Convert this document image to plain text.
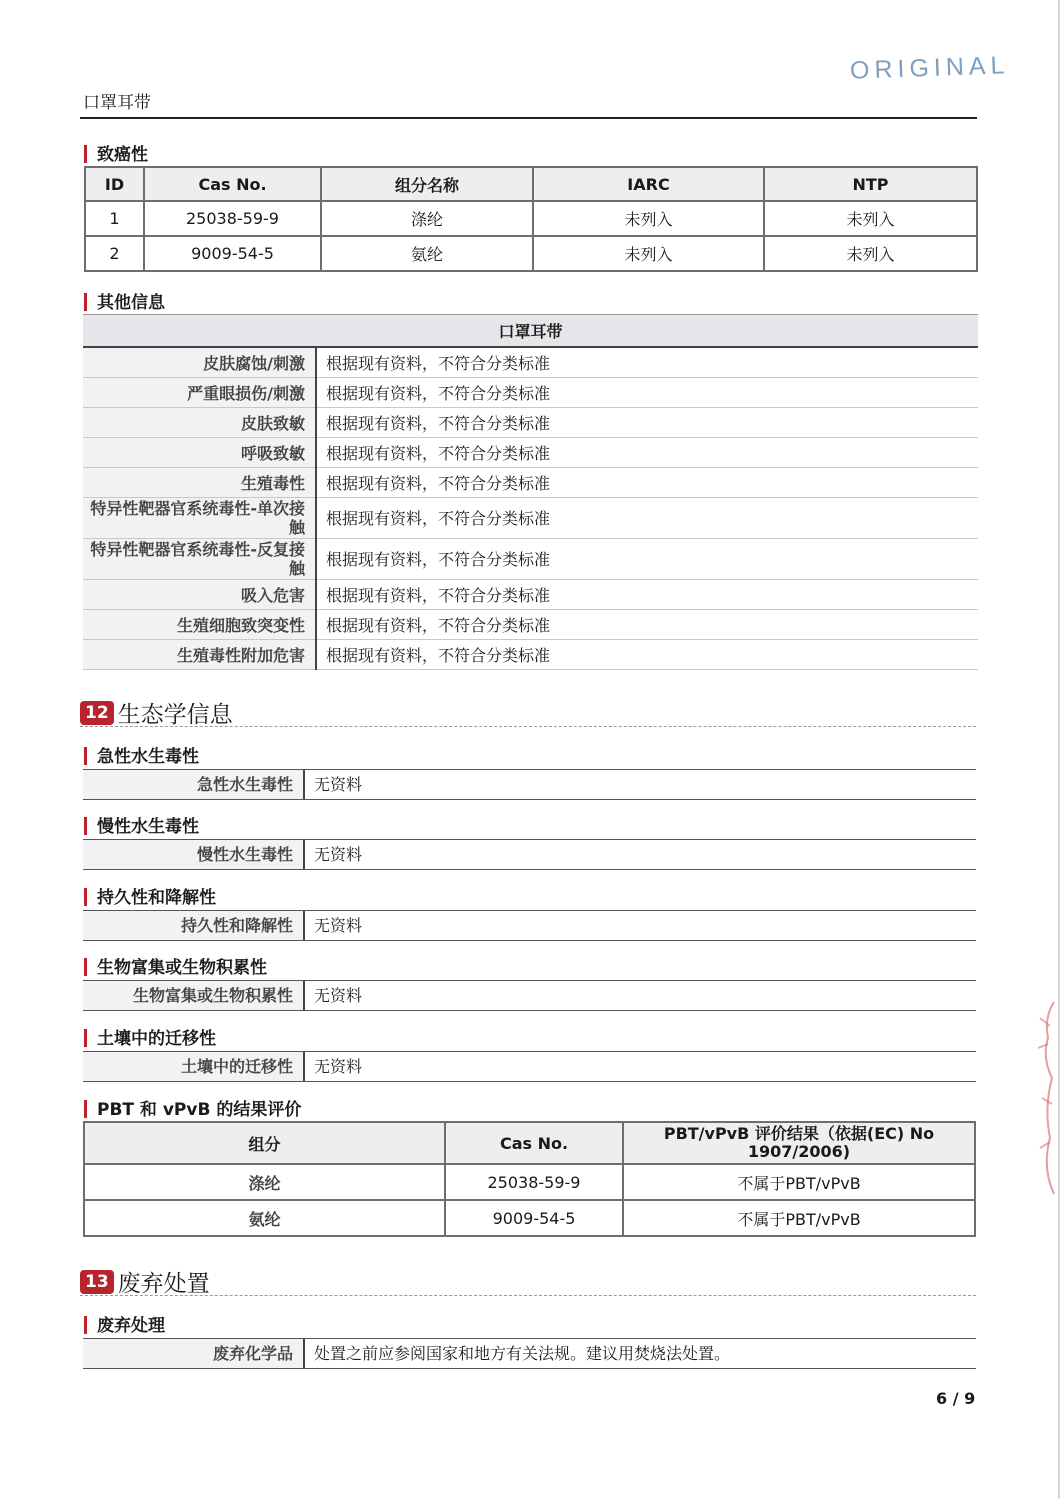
ORIGINAL
口罩耳带
致癌性
ID	Cas No.	组分名称	IARC	NTP
1	25038-59-9	涤纶	未列入	未列入
2	9009-54-5	氨纶	未列入	未列入
其他信息
口罩耳带	
皮肤腐蚀/刺激	根据现有资料，不符合分类标准
严重眼损伤/刺激	根据现有资料，不符合分类标准
皮肤致敏	根据现有资料，不符合分类标准
呼吸致敏	根据现有资料，不符合分类标准
生殖毒性	根据现有资料，不符合分类标准
特异性靶器官系统毒性-单次接触	根据现有资料，不符合分类标准
特异性靶器官系统毒性-反复接触	根据现有资料，不符合分类标准
吸入危害	根据现有资料，不符合分类标准
生殖细胞致突变性	根据现有资料，不符合分类标准
生殖毒性附加危害	根据现有资料，不符合分类标准
12 生态学信息
急性水生毒性
急性水生毒性	无资料
慢性水生毒性
慢性水生毒性	无资料
持久性和降解性
持久性和降解性	无资料
生物富集或生物积累性
生物富集或生物积累性	无资料
土壤中的迁移性
土壤中的迁移性	无资料
PBT 和 vPvB 的结果评价
组分	Cas No.	PBT/vPvB 评价结果（依据(EC) No 1907/2006)
涤纶	25038-59-9	不属于PBT/vPvB
氨纶	9009-54-5	不属于PBT/vPvB
13 废弃处置
废弃处理
废弃化学品	处置之前应参阅国家和地方有关法规。建议用焚烧法处置。
6 / 9
